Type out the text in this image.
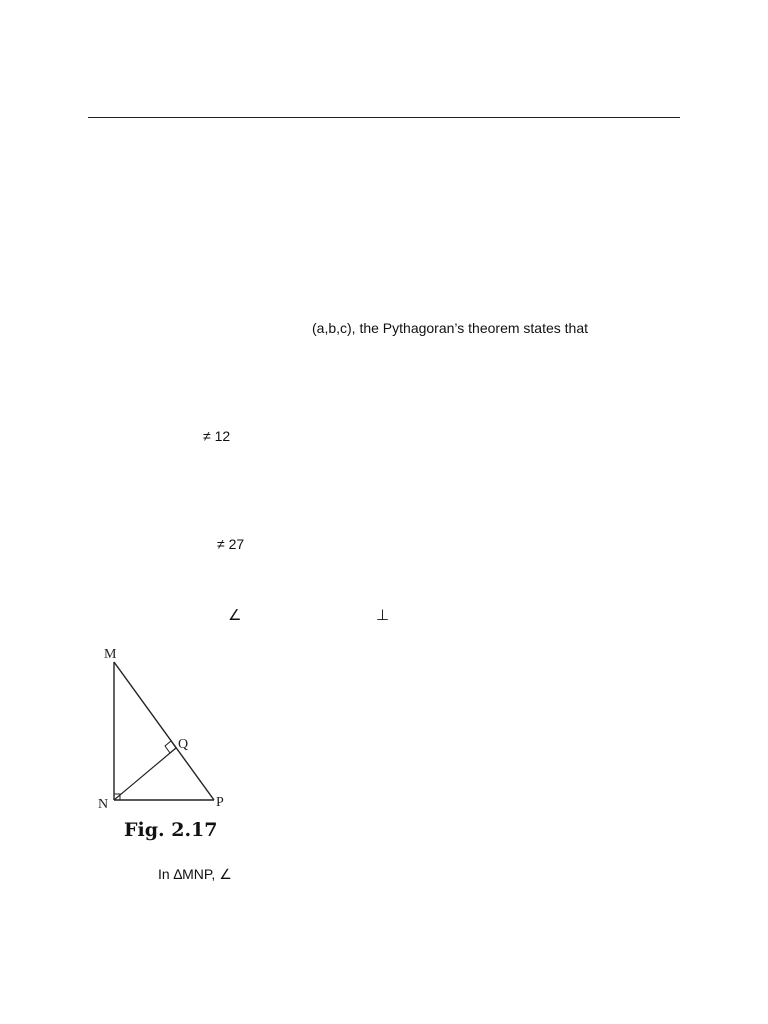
(a,b,c), the Pythagoran’s theorem states that
≠ 12
≠ 27
∠	⊥
M
N	P
Q
Fig. 2.17
In ∆MNP, ∠
